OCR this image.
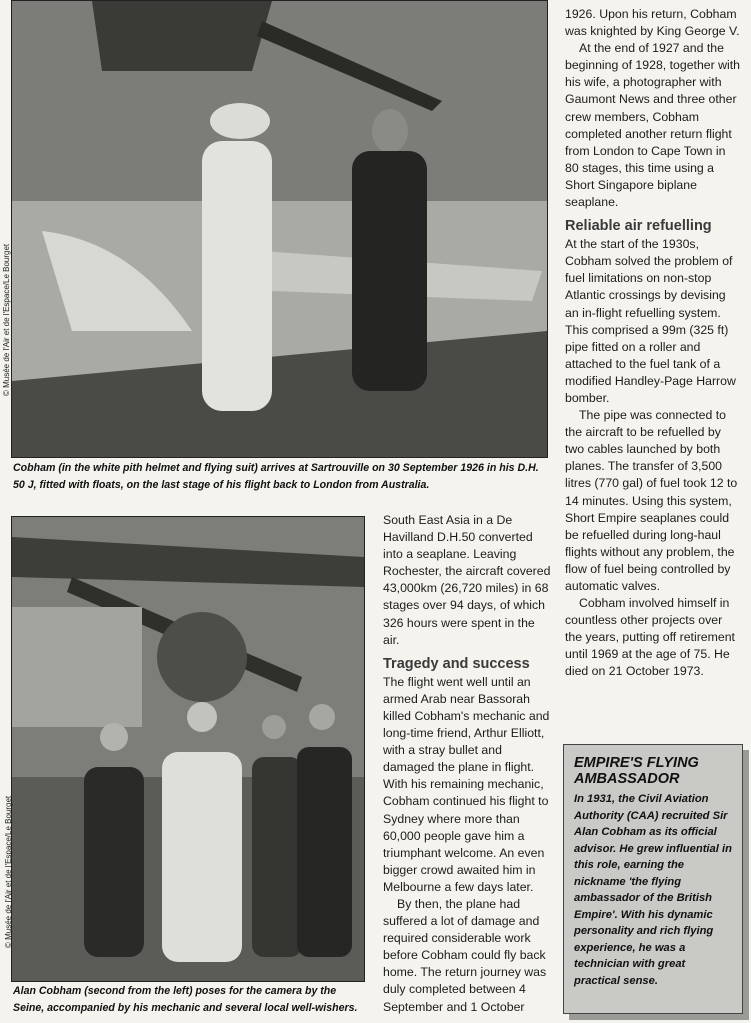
© Musée de l'Air et de l'Espace/Le Bourget
Cobham (in the white pith helmet and flying suit) arrives at Sartrouville on 30 September 1926 in his D.H. 50 J, fitted with floats, on the last stage of his flight back to London from Australia.
© Musée de l'Air et de l'Espace/Le Bourget
Alan Cobham (second from the left) poses for the camera by the Seine, accompanied by his mechanic and several local well-wishers.

South East Asia in a De Havilland D.H.50 converted into a seaplane. Leaving Rochester, the aircraft covered 43,000km (26,720 miles) in 68 stages over 94 days, of which 326 hours were spent in the air.

Tragedy and success

The flight went well until an armed Arab near Bassorah killed Cobham's mechanic and long-time friend, Arthur Elliott, with a stray bullet and damaged the plane in flight. With his remaining mechanic, Cobham continued his flight to Sydney where more than 60,000 people gave him a triumphant welcome. An even bigger crowd awaited him in Melbourne a few days later.

By then, the plane had suffered a lot of damage and required considerable work before Cobham could fly back home. The return journey was duly completed between 4 September and 1 October

1926. Upon his return, Cobham was knighted by King George V.

At the end of 1927 and the beginning of 1928, together with his wife, a photographer with Gaumont News and three other crew members, Cobham completed another return flight from London to Cape Town in 80 stages, this time using a Short Singapore biplane seaplane.

Reliable air refuelling

At the start of the 1930s, Cobham solved the problem of fuel limitations on non-stop Atlantic crossings by devising an in-flight refuelling system. This comprised a 99m (325 ft) pipe fitted on a roller and attached to the fuel tank of a modified Handley-Page Harrow bomber.

The pipe was connected to the aircraft to be refuelled by two cables launched by both planes. The transfer of 3,500 litres (770 gal) of fuel took 12 to 14 minutes. Using this system, Short Empire seaplanes could be refuelled during long-haul flights without any problem, the flow of fuel being controlled by automatic valves.

Cobham involved himself in countless other projects over the years, putting off retirement until 1969 at the age of 75. He died on 21 October 1973.

EMPIRE'S FLYING AMBASSADOR

In 1931, the Civil Aviation Authority (CAA) recruited Sir Alan Cobham as its official advisor. He grew influential in this role, earning the nickname 'the flying ambassador of the British Empire'. With his dynamic personality and rich flying experience, he was a technician with great practical sense.
